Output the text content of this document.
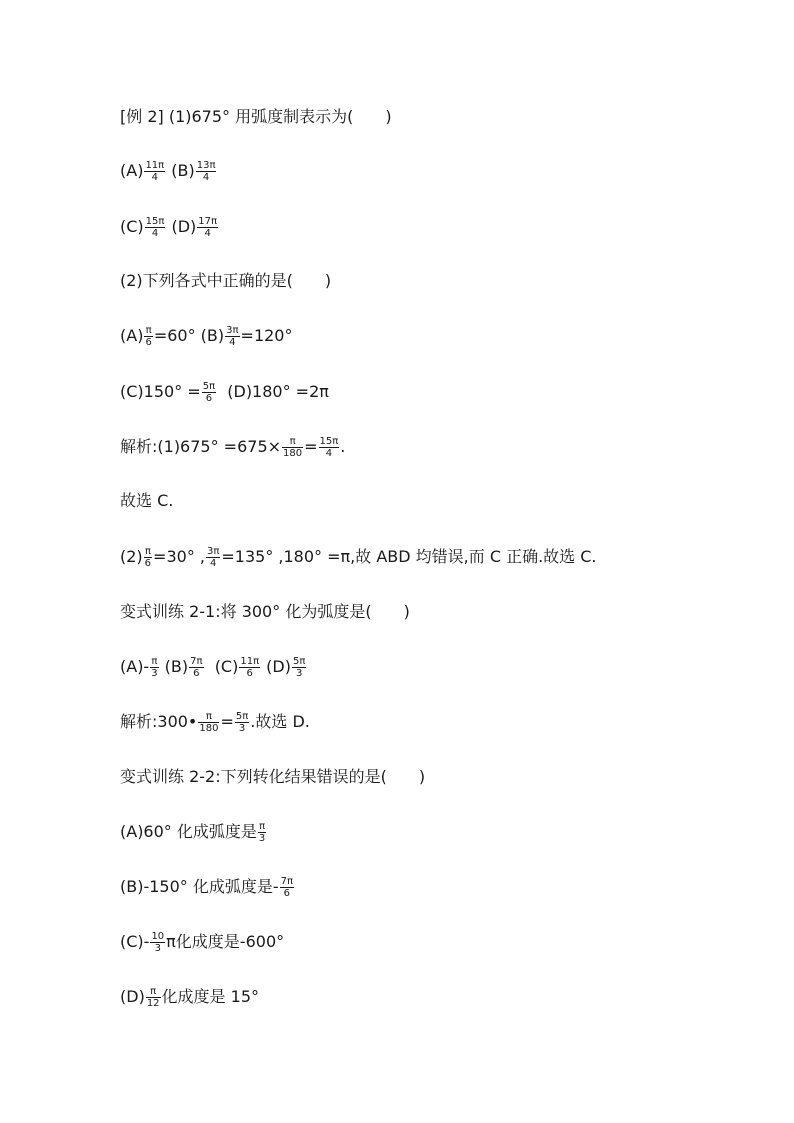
[例 2] (1)675° 用弧度制表示为(　　)
$(A) \frac{11\pi}{4} (B) \frac{13\pi}{4}$
$(C) \frac{15\pi}{4} (D) \frac{17\pi}{4}$
(2)下列各式中正确的是(　　)
$(A) \frac{\pi}{6} =60^\circ$ $(B) \frac{3\pi}{4} =120^\circ$
$(C)150^\circ = \frac{5\pi}{6} (D)180^\circ =2\pi$
解析:(1)675° $=675\times \frac{\pi}{180} = \frac{15\pi}{4}$ .
故选 C.
$(2) \frac{\pi}{6} =30^\circ$ , $\frac{3\pi}{4} =135^\circ$ ,180° =π,故 ABD 均错误,而 C 正确.故选 C.
变式训练 2-1:将 300° 化为弧度是(　　)
$(A)- \frac{\pi}{3} (B) \frac{7\pi}{6} (C) \frac{11\pi}{6} (D) \frac{5\pi}{3}$
解析:300• $\frac{\pi}{180} = \frac{5\pi}{3}$ .故选 D.
变式训练 2-2:下列转化结果错误的是(　　)
(A)60° 化成弧度是 $\frac{\pi}{3}$
(B)-150° 化成弧度是- $\frac{7\pi}{6}$
$(C)- \frac{10}{3}$ π化成度是-600°
$(D) \frac{\pi}{12}$ 化成度是 15°
